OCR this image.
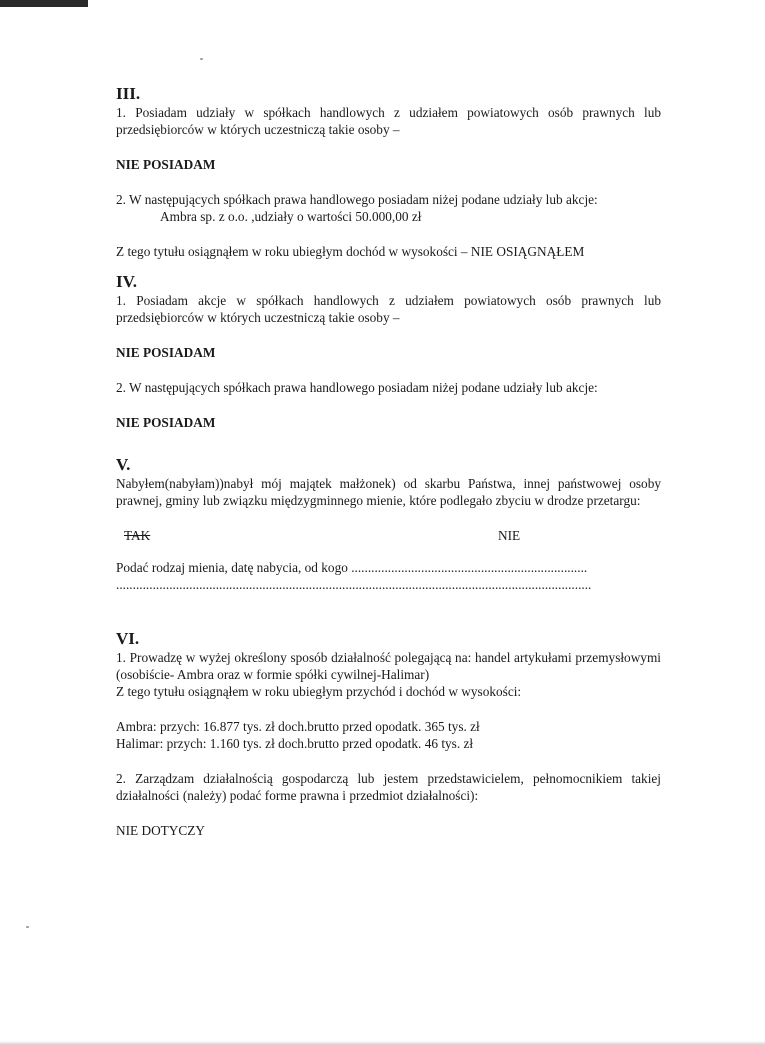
III.

1. Posiadam udziały w spółkach handlowych z udziałem powiatowych osób prawnych lub przedsiębiorców w których uczestniczą takie osoby –

NIE POSIADAM

2. W następujących spółkach prawa handlowego posiadam niżej podane udziały lub akcje:

Ambra sp. z o.o. ,udziały o wartości 50.000,00 zł

Z tego tytułu osiągnąłem w roku ubiegłym dochód w wysokości – NIE OSIĄGNĄŁEM

IV.

1. Posiadam akcje w spółkach handlowych z udziałem powiatowych osób prawnych lub przedsiębiorców w których uczestniczą takie osoby –

NIE POSIADAM

2. W następujących spółkach prawa handlowego posiadam niżej podane udziały lub akcje:

NIE POSIADAM

V.

Nabyłem(nabyłam))nabył mój majątek małżonek) od skarbu Państwa, innej państwowej osoby prawnej, gminy lub związku międzygminnego mienie, które podlegało zbyciu w drodze przetargu:

TAK	NIE

Podać rodzaj mienia, datę nabycia, od kogo .......................................................................

...............................................................................................................................................

VI.

1. Prowadzę w wyżej określony sposób działalność polegającą na: handel artykułami przemysłowymi (osobiście- Ambra oraz w formie spółki cywilnej-Halimar)

Z tego tytułu osiągnąłem w roku ubiegłym przychód i dochód w wysokości:

Ambra: przych: 16.877 tys. zł doch.brutto przed opodatk. 365 tys. zł

Halimar: przych: 1.160 tys. zł doch.brutto przed opodatk. 46 tys. zł

2. Zarządzam działalnością gospodarczą lub jestem przedstawicielem, pełnomocnikiem takiej działalności (należy) podać forme prawna i przedmiot działalności):

NIE DOTYCZY
